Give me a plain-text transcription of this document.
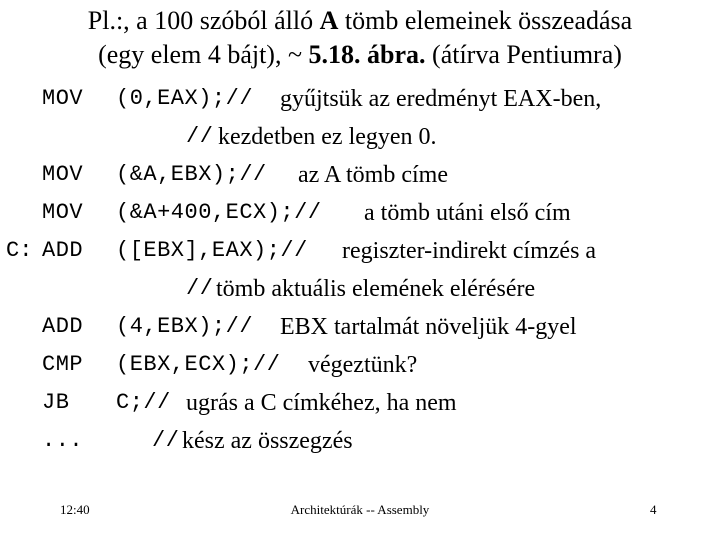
Pl.:, a 100 szóból álló A tömb elemeinek összeadása
(egy elem 4 bájt), ~ 5.18. ábra. (átírva Pentiumra)
MOV (0,EAX);// gyűjtsük az eredményt EAX-ben,
// kezdetben ez legyen 0.
MOV (&A,EBX);// az A tömb címe
MOV (&A+400,ECX);// a tömb utáni első cím
C: ADD ([EBX],EAX);// regiszter-indirekt címzés a
// tömb aktuális elemének elérésére
ADD (4,EBX);// EBX tartalmát növeljük 4-gyel
CMP (EBX,ECX);// végeztünk?
JB C;// ugrás a C címkéhez, ha nem
...	// kész az összegzés
12:40	Architektúrák -- Assembly	4
